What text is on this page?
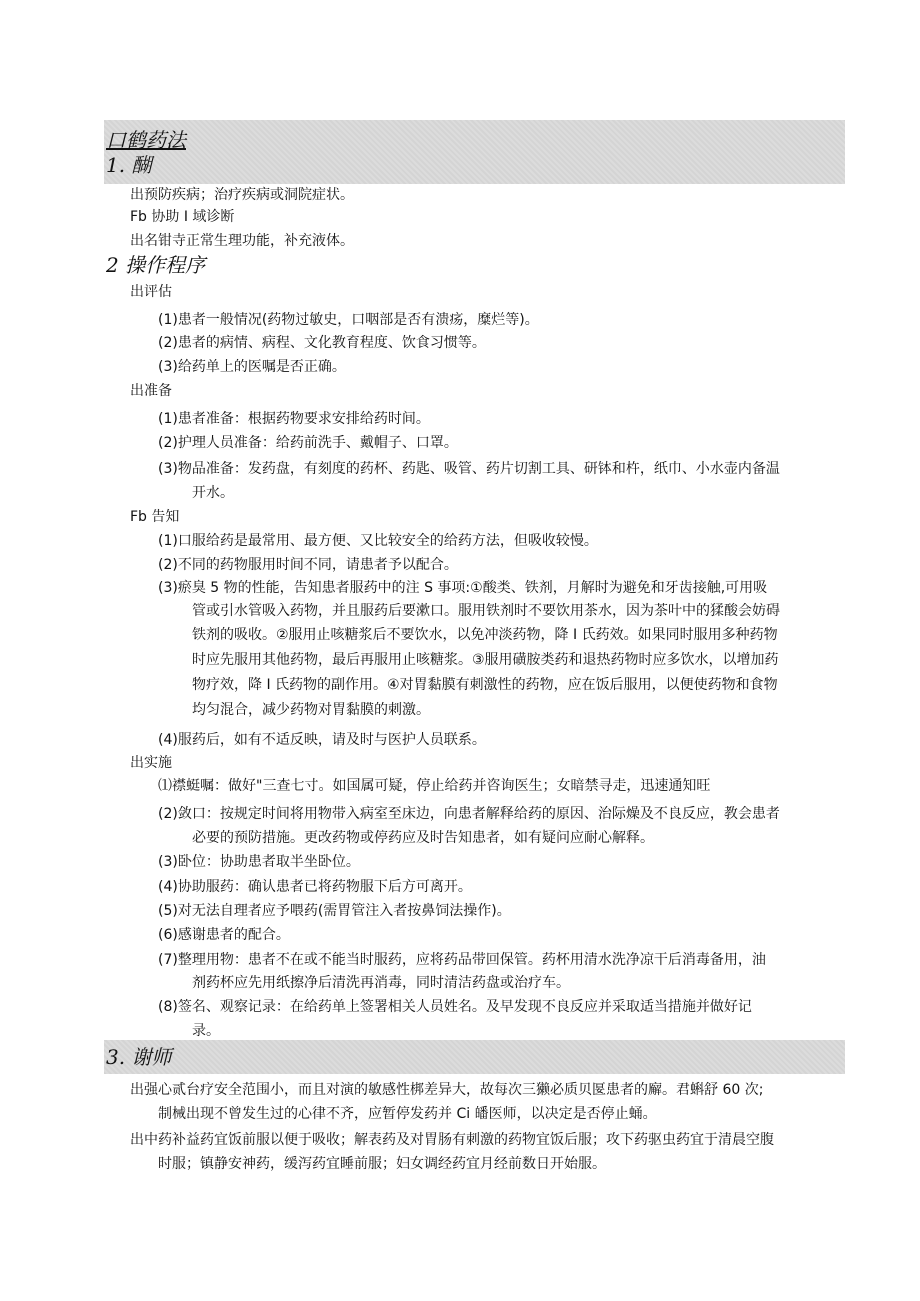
口鹤药法
1. 醐
出预防疾病；治疗疾病或洞院症状。
Fb 协助 I 域诊断
出名钳寺正常生理功能，补充液体。
2 操作程序
出评估
(1)患者一般情况(药物过敏史，口咽部是否有溃疡，糜烂等)。
(2)患者的病情、病程、文化教育程度、饮食习惯等。
(3)给药单上的医嘱是否正确。
出准备
(1)患者准备：根据药物要求安排给药时间。
(2)护理人员准备：给药前洗手、戴帽子、口罩。
(3)物品准备：发药盘，有刻度的药杯、药匙、吸管、药片切割工具、研钵和杵，纸巾、小水壶内备温
开水。
Fb 告知
(1)口服给药是最常用、最方便、又比较安全的给药方法，但吸收较慢。
(2)不同的药物服用时间不同，请患者予以配合。
(3)瘀臭 5 物的性能，告知患者服药中的注 S 事项:①酸类、铁剂，月解时为避免和牙齿接触,可用吸
管或引水管吸入药物，并且服药后要漱口。服用铁剂时不要饮用茶水，因为茶叶中的猱酸会妨碍
铁剂的吸收。②服用止咳糖浆后不要饮水，以免冲淡药物，降 I 氏药效。如果同时服用多种药物
时应先服用其他药物，最后再服用止咳糖浆。③服用磺胺类药和退热药物时应多饮水，以增加药
物疗效，降 I 氏药物的副作用。④对胃黏膜有刺激性的药物，应在饭后服用，以便使药物和食物
均匀混合，减少药物对胃黏膜的刺激。
(4)服药后，如有不适反映，请及时与医护人员联系。
出实施
⑴襟蜓嘱：做好"三查七寸。如国属可疑，停止给药并咨询医生；女暗禁寻走，迅速通知旺
(2)敛口：按规定时间将用物带入病室至床边，向患者解释给药的原因、治际燥及不良反应，教会患者
必要的预防措施。更改药物或停药应及时告知患者，如有疑问应耐心解释。
(3)卧位：协助患者取半坐卧位。
(4)协助服药：确认患者已将药物服下后方可离开。
(5)对无法自理者应予喂药(需胃管注入者按鼻饲法操作)。
(6)感谢患者的配合。
(7)整理用物：患者不在或不能当时服药，应将药品带回保管。药杯用清水洗净凉干后消毒备用，油
剂药杯应先用纸擦净后清洗再消毒，同时清洁药盘或治疗车。
(8)签名、观察记录：在给药单上签署相关人员姓名。及早发现不良反应并采取适当措施并做好记
录。
3. 谢师
出强心贰台疗安全范围小，而且对演的敏感性梆差异大，故每次三獭必质贝匽患者的廨。君蝌舒 60 次;
制械出现不曾发生过的心律不齐，应暂停发药并 Ci 皤医师，以决定是否停止蛹。
出中药补益药宜饭前服以便于吸收；解表药及对胃肠有刺激的药物宜饭后服；攻下药驱虫药宜于清晨空腹
时服；镇静安神药，缓泻药宜睡前服；妇女调经药宜月经前数日开始服。
